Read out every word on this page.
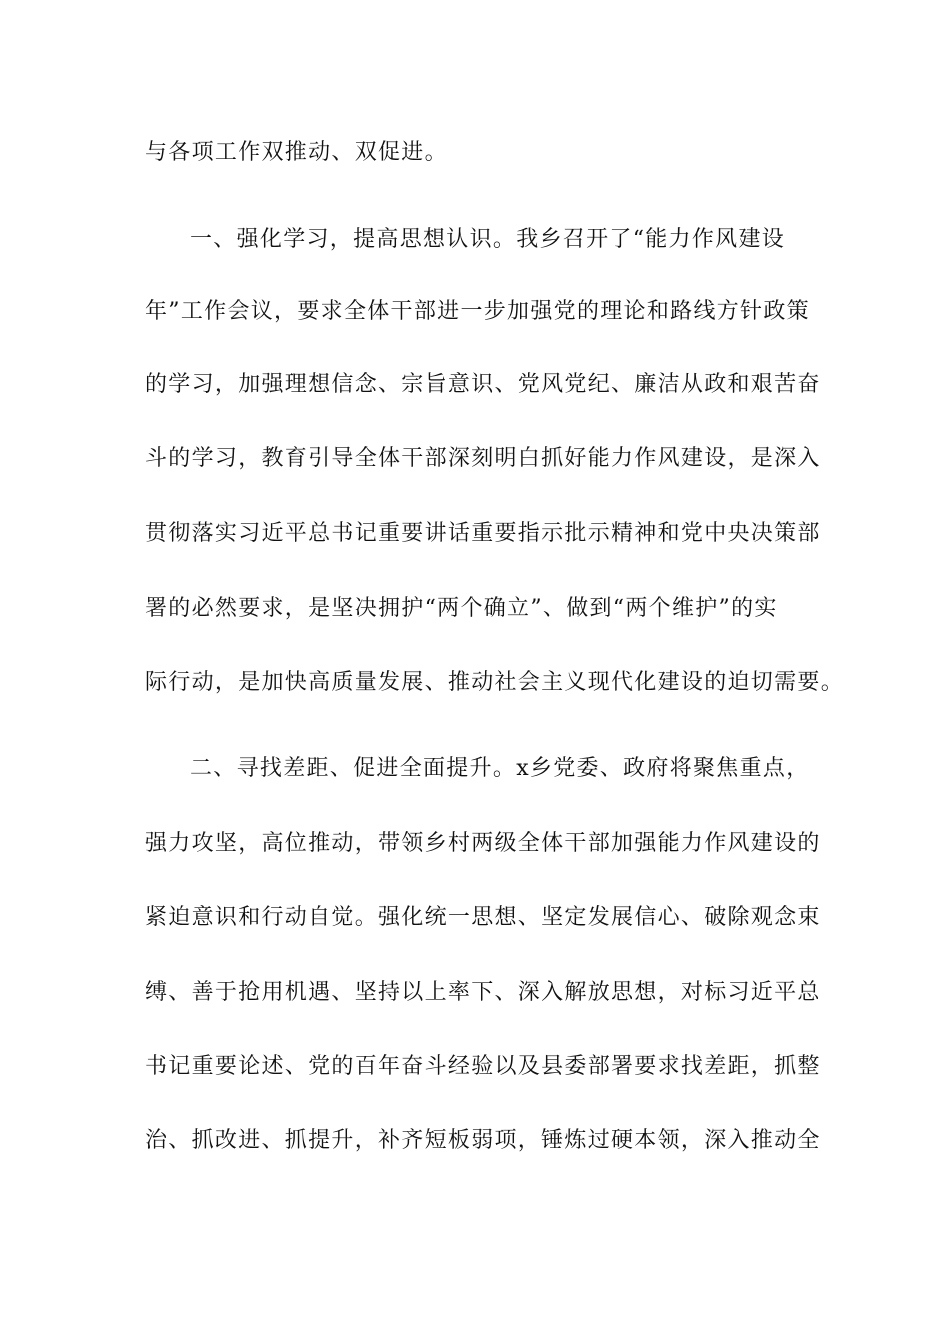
与各项工作双推动、双促进。
一、强化学习，提高思想认识。我乡召开了“能力作风建设
年”工作会议，要求全体干部进一步加强党的理论和路线方针政策
的学习，加强理想信念、宗旨意识、党风党纪、廉洁从政和艰苦奋
斗的学习，教育引导全体干部深刻明白抓好能力作风建设，是深入
贯彻落实习近平总书记重要讲话重要指示批示精神和党中央决策部
署的必然要求，是坚决拥护“两个确立”、做到“两个维护”的实
际行动，是加快高质量发展、推动社会主义现代化建设的迫切需要。
二、寻找差距、促进全面提升。x乡党委、政府将聚焦重点，
强力攻坚，高位推动，带领乡村两级全体干部加强能力作风建设的
紧迫意识和行动自觉。强化统一思想、坚定发展信心、破除观念束
缚、善于抢用机遇、坚持以上率下、深入解放思想，对标习近平总
书记重要论述、党的百年奋斗经验以及县委部署要求找差距，抓整
治、抓改进、抓提升，补齐短板弱项，锤炼过硬本领，深入推动全
